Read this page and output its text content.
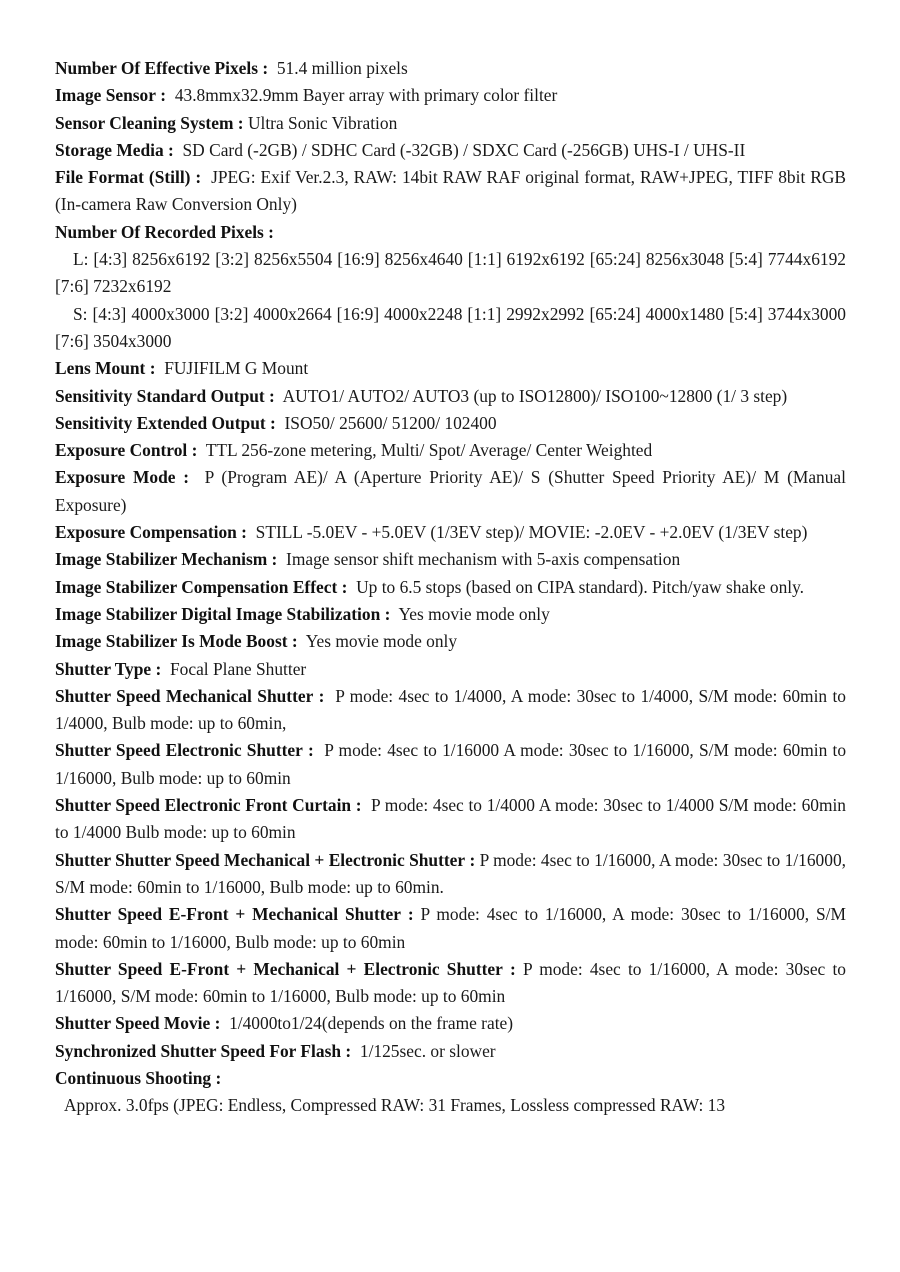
Number Of Effective Pixels : 51.4 million pixels

Image Sensor : 43.8mmx32.9mm Bayer array with primary color filter

Sensor Cleaning System : Ultra Sonic Vibration

Storage Media : SD Card (-2GB) / SDHC Card (-32GB) / SDXC Card (-256GB) UHS-I / UHS-II

File Format (Still) : JPEG: Exif Ver.2.3, RAW: 14bit RAW RAF original format, RAW+JPEG, TIFF 8bit RGB (In-camera Raw Conversion Only)

Number Of Recorded Pixels :

L: [4:3] 8256x6192 [3:2] 8256x5504 [16:9] 8256x4640 [1:1] 6192x6192 [65:24] 8256x3048 [5:4] 7744x6192 [7:6] 7232x6192

S: [4:3] 4000x3000 [3:2] 4000x2664 [16:9] 4000x2248 [1:1] 2992x2992 [65:24] 4000x1480 [5:4] 3744x3000 [7:6] 3504x3000

Lens Mount : FUJIFILM G Mount

Sensitivity Standard Output : AUTO1/ AUTO2/ AUTO3 (up to ISO12800)/ ISO100~12800 (1/ 3 step)

Sensitivity Extended Output : ISO50/ 25600/ 51200/ 102400

Exposure Control : TTL 256-zone metering, Multi/ Spot/ Average/ Center Weighted

Exposure Mode : P (Program AE)/ A (Aperture Priority AE)/ S (Shutter Speed Priority AE)/ M (Manual Exposure)

Exposure Compensation : STILL -5.0EV - +5.0EV (1/3EV step)/ MOVIE: -2.0EV - +2.0EV (1/3EV step)

Image Stabilizer Mechanism : Image sensor shift mechanism with 5-axis compensation

Image Stabilizer Compensation Effect : Up to 6.5 stops (based on CIPA standard). Pitch/yaw shake only.

Image Stabilizer Digital Image Stabilization : Yes movie mode only

Image Stabilizer Is Mode Boost : Yes movie mode only

Shutter Type : Focal Plane Shutter

Shutter Speed Mechanical Shutter : P mode: 4sec to 1/4000, A mode: 30sec to 1/4000, S/M mode: 60min to 1/4000, Bulb mode: up to 60min,

Shutter Speed Electronic Shutter : P mode: 4sec to 1/16000 A mode: 30sec to 1/16000, S/M mode: 60min to 1/16000, Bulb mode: up to 60min

Shutter Speed Electronic Front Curtain : P mode: 4sec to 1/4000 A mode: 30sec to 1/4000 S/M mode: 60min to 1/4000 Bulb mode: up to 60min

Shutter Shutter Speed Mechanical + Electronic Shutter : P mode: 4sec to 1/16000, A mode: 30sec to 1/16000, S/M mode: 60min to 1/16000, Bulb mode: up to 60min.

Shutter Speed E-Front + Mechanical Shutter : P mode: 4sec to 1/16000, A mode: 30sec to 1/16000, S/M mode: 60min to 1/16000, Bulb mode: up to 60min

Shutter Speed E-Front + Mechanical + Electronic Shutter : P mode: 4sec to 1/16000, A mode: 30sec to 1/16000, S/M mode: 60min to 1/16000, Bulb mode: up to 60min

Shutter Speed Movie : 1/4000to1/24(depends on the frame rate)

Synchronized Shutter Speed For Flash : 1/125sec. or slower

Continuous Shooting :

Approx. 3.0fps (JPEG: Endless, Compressed RAW: 31 Frames, Lossless compressed RAW: 13
